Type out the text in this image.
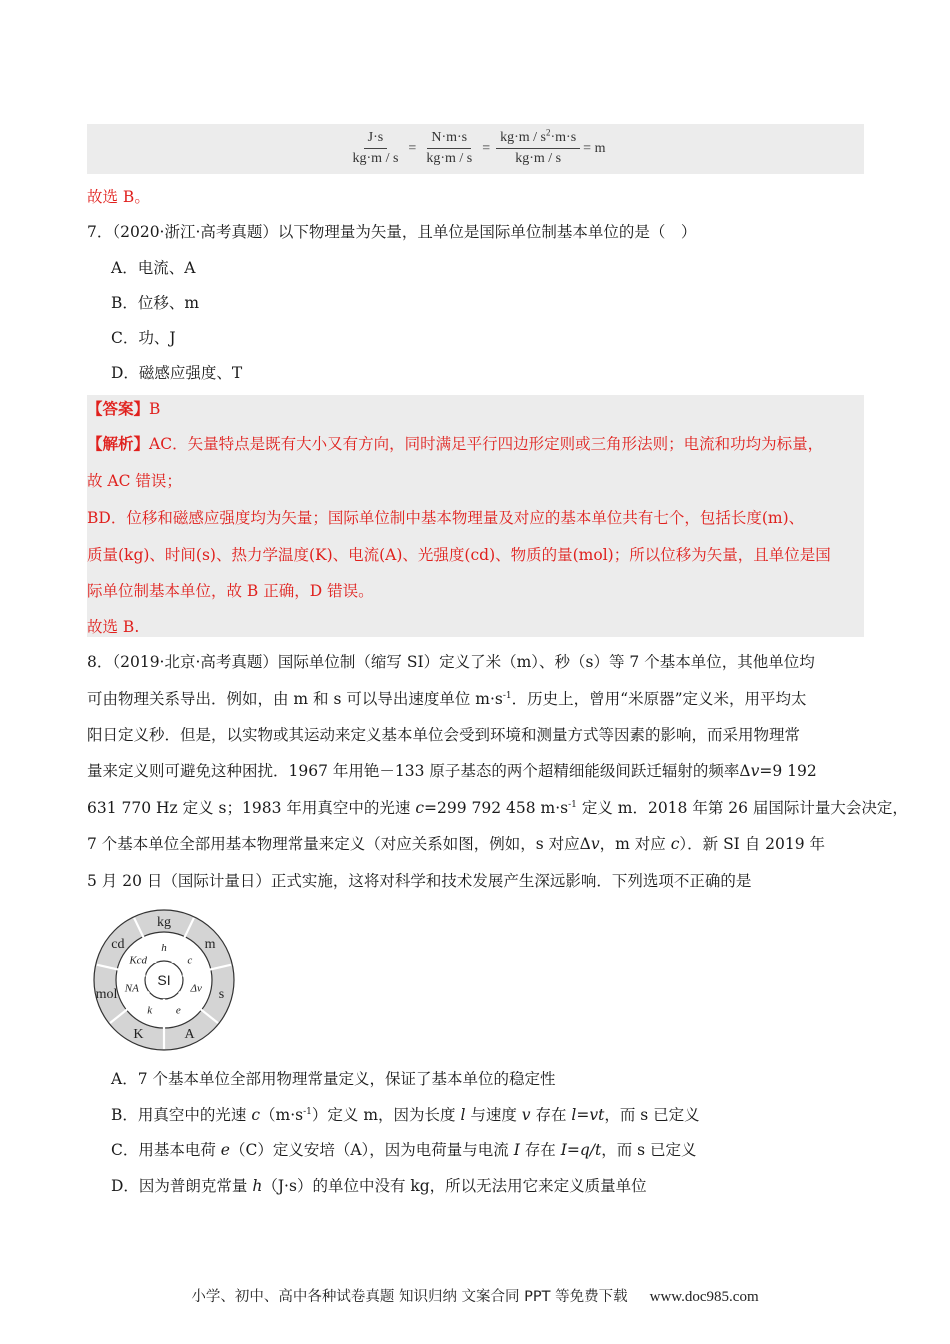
$\frac{J\cdot s}{kg\cdot m / s} = \frac{N\cdot m\cdot s}{kg\cdot m / s} = \frac{kg\cdot m / s^2\cdot m\cdot s}{kg\cdot m / s} = m$
故选 B。
7．（2020·浙江·高考真题）以下物理量为矢量，且单位是国际单位制基本单位的是（　）
A．电流、A
B．位移、m
C．功、J
D．磁感应强度、T
【答案】B
【解析】AC．矢量特点是既有大小又有方向，同时满足平行四边形定则或三角形法则；电流和功均为标量，
故 AC 错误；
BD．位移和磁感应强度均为矢量；国际单位制中基本物理量及对应的基本单位共有七个，包括长度(m)、
质量(kg)、时间(s)、热力学温度(K)、电流(A)、光强度(cd)、物质的量(mol)；所以位移为矢量，且单位是国
际单位制基本单位，故 B 正确，D 错误。
故选 B.
8．（2019·北京·高考真题）国际单位制（缩写 SI）定义了米（m）、秒（s）等 7 个基本单位，其他单位均
可由物理关系导出．例如，由 m 和 s 可以导出速度单位 $m\cdot s^{-1}$．历史上，曾用“米原器”定义米，用平均太
阳日定义秒．但是，以实物或其运动来定义基本单位会受到环境和测量方式等因素的影响，而采用物理常
量来定义则可避免这种困扰．1967 年用铯－133 原子基态的两个超精细能级间跃迁辐射的频率Δv=9 192
631 770 Hz 定义 s；1983 年用真空中的光速 c=299 792 458 $m\cdot s^{-1}$ 定义 m．2018 年第 26 届国际计量大会决定，
7 个基本单位全部用基本物理常量来定义（对应关系如图，例如，s 对应Δv，m 对应 c）．新 SI 自 2019 年
5 月 20 日（国际计量日）正式实施，这将对科学和技术发展产生深远影响．下列选项不正确的是
kg
m
s
A
K
mol
cd	h
c
Δν
e
k
NA
Kcd
SI
A．7 个基本单位全部用物理常量定义，保证了基本单位的稳定性
B．用真空中的光速 $c(m\cdot s^{-1})$定义 m，因为长度 l 与速度 v 存在 l=vt，而 s 已定义
C．用基本电荷 e（C）定义安培（A），因为电荷量与电流 I 存在 I=q/t，而 s 已定义
D．因为普朗克常量 h（J·s）的单位中没有 kg，所以无法用它来定义质量单位
小学、初中、高中各种试卷真题 知识归纳 文案合同 PPT 等免费下载 www.doc985.com
